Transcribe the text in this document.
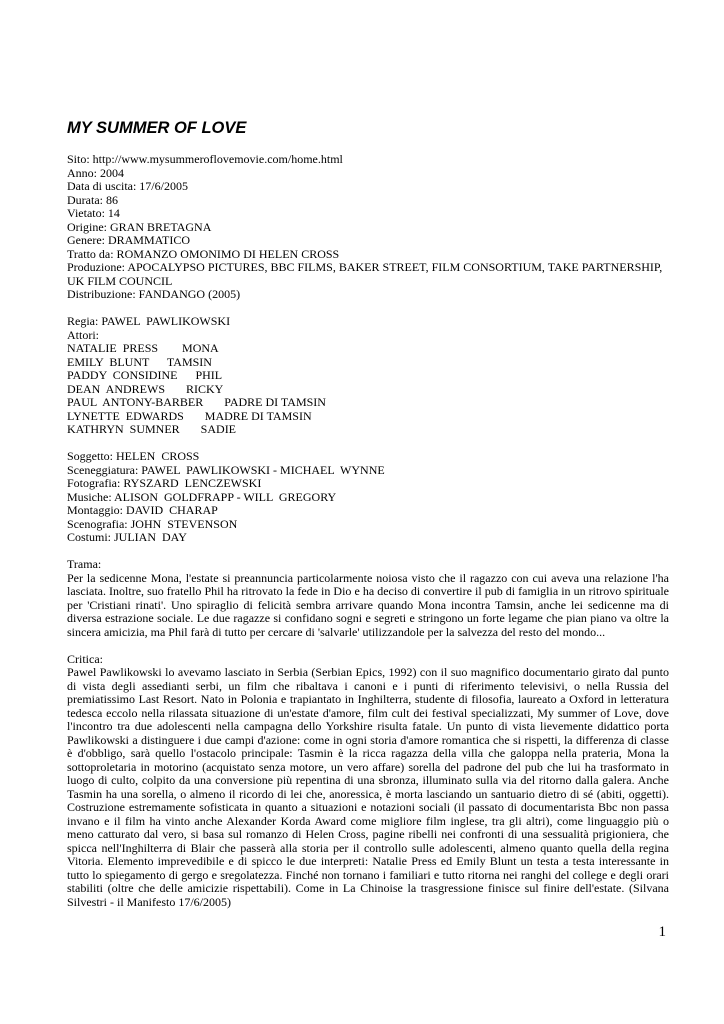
MY SUMMER OF LOVE

Sito: http://www.mysummeroflovemovie.com/home.html

Anno: 2004

Data di uscita: 17/6/2005

Durata: 86

Vietato: 14

Origine: GRAN BRETAGNA

Genere: DRAMMATICO

Tratto da: ROMANZO OMONIMO DI HELEN CROSS

Produzione: APOCALYPSO PICTURES, BBC FILMS, BAKER STREET, FILM CONSORTIUM, TAKE PARTNERSHIP, UK FILM COUNCIL

Distribuzione: FANDANGO (2005)

Regia: PAWEL  PAWLIKOWSKI

Attori:

NATALIE  PRESS        MONA

EMILY  BLUNT      TAMSIN

PADDY  CONSIDINE      PHIL

DEAN  ANDREWS       RICKY

PAUL  ANTONY-BARBER       PADRE DI TAMSIN

LYNETTE  EDWARDS       MADRE DI TAMSIN

KATHRYN  SUMNER       SADIE

Soggetto: HELEN  CROSS

Sceneggiatura: PAWEL  PAWLIKOWSKI - MICHAEL  WYNNE

Fotografia: RYSZARD  LENCZEWSKI

Musiche: ALISON  GOLDFRAPP - WILL  GREGORY

Montaggio: DAVID  CHARAP

Scenografia: JOHN  STEVENSON

Costumi: JULIAN  DAY

Trama:

Per la sedicenne Mona, l'estate si preannuncia particolarmente noiosa visto che il ragazzo con cui aveva una relazione l'ha lasciata. Inoltre, suo fratello Phil ha ritrovato la fede in Dio e ha deciso di convertire il pub di famiglia in un ritrovo spirituale per 'Cristiani rinati'. Uno spiraglio di felicità sembra arrivare quando Mona incontra Tamsin, anche lei sedicenne ma di diversa estrazione sociale. Le due ragazze si confidano sogni e segreti e stringono un forte legame che pian piano va oltre la sincera amicizia, ma Phil farà di tutto per cercare di 'salvarle' utilizzandole per la salvezza del resto del mondo...

Critica:

Pawel Pawlikowski lo avevamo lasciato in Serbia (Serbian Epics, 1992) con il suo magnifico documentario girato dal punto di vista degli assedianti serbi, un film che ribaltava i canoni e i punti di riferimento televisivi, o nella Russia del premiatissimo Last Resort. Nato in Polonia e trapiantato in Inghilterra, studente di filosofia, laureato a Oxford in letteratura tedesca eccolo nella rilassata situazione di un'estate d'amore, film cult dei festival specializzati, My summer of Love, dove l'incontro tra due adolescenti nella campagna dello Yorkshire risulta fatale. Un punto di vista lievemente didattico porta Pawlikowski a distinguere i due campi d'azione: come in ogni storia d'amore romantica che si rispetti, la differenza di classe è d'obbligo, sarà quello l'ostacolo principale: Tasmin è la ricca ragazza della villa che galoppa nella prateria, Mona la sottoproletaria in motorino (acquistato senza motore, un vero affare) sorella del padrone del pub che lui ha trasformato in luogo di culto, colpito da una conversione più repentina di una sbronza, illuminato sulla via del ritorno dalla galera. Anche Tasmin ha una sorella, o almeno il ricordo di lei che, anoressica, è morta lasciando un santuario dietro di sé (abiti, oggetti). Costruzione estremamente sofisticata in quanto a situazioni e notazioni sociali (il passato di documentarista Bbc non passa invano e il film ha vinto anche Alexander Korda Award come migliore film inglese, tra gli altri), come linguaggio più o meno catturato dal vero, si basa sul romanzo di Helen Cross, pagine ribelli nei confronti di una sessualità prigioniera, che spicca nell'Inghilterra di Blair che passerà alla storia per il controllo sulle adolescenti, almeno quanto quella della regina Vitoria. Elemento imprevedibile e di spicco le due interpreti: Natalie Press ed Emily Blunt un testa a testa interessante in tutto lo spiegamento di gergo e sregolatezza. Finché non tornano i familiari e tutto ritorna nei ranghi del college e degli orari stabiliti (oltre che delle amicizie rispettabili). Come in La Chinoise la trasgressione finisce sul finire dell'estate. (Silvana Silvestri - il Manifesto 17/6/2005)

1
